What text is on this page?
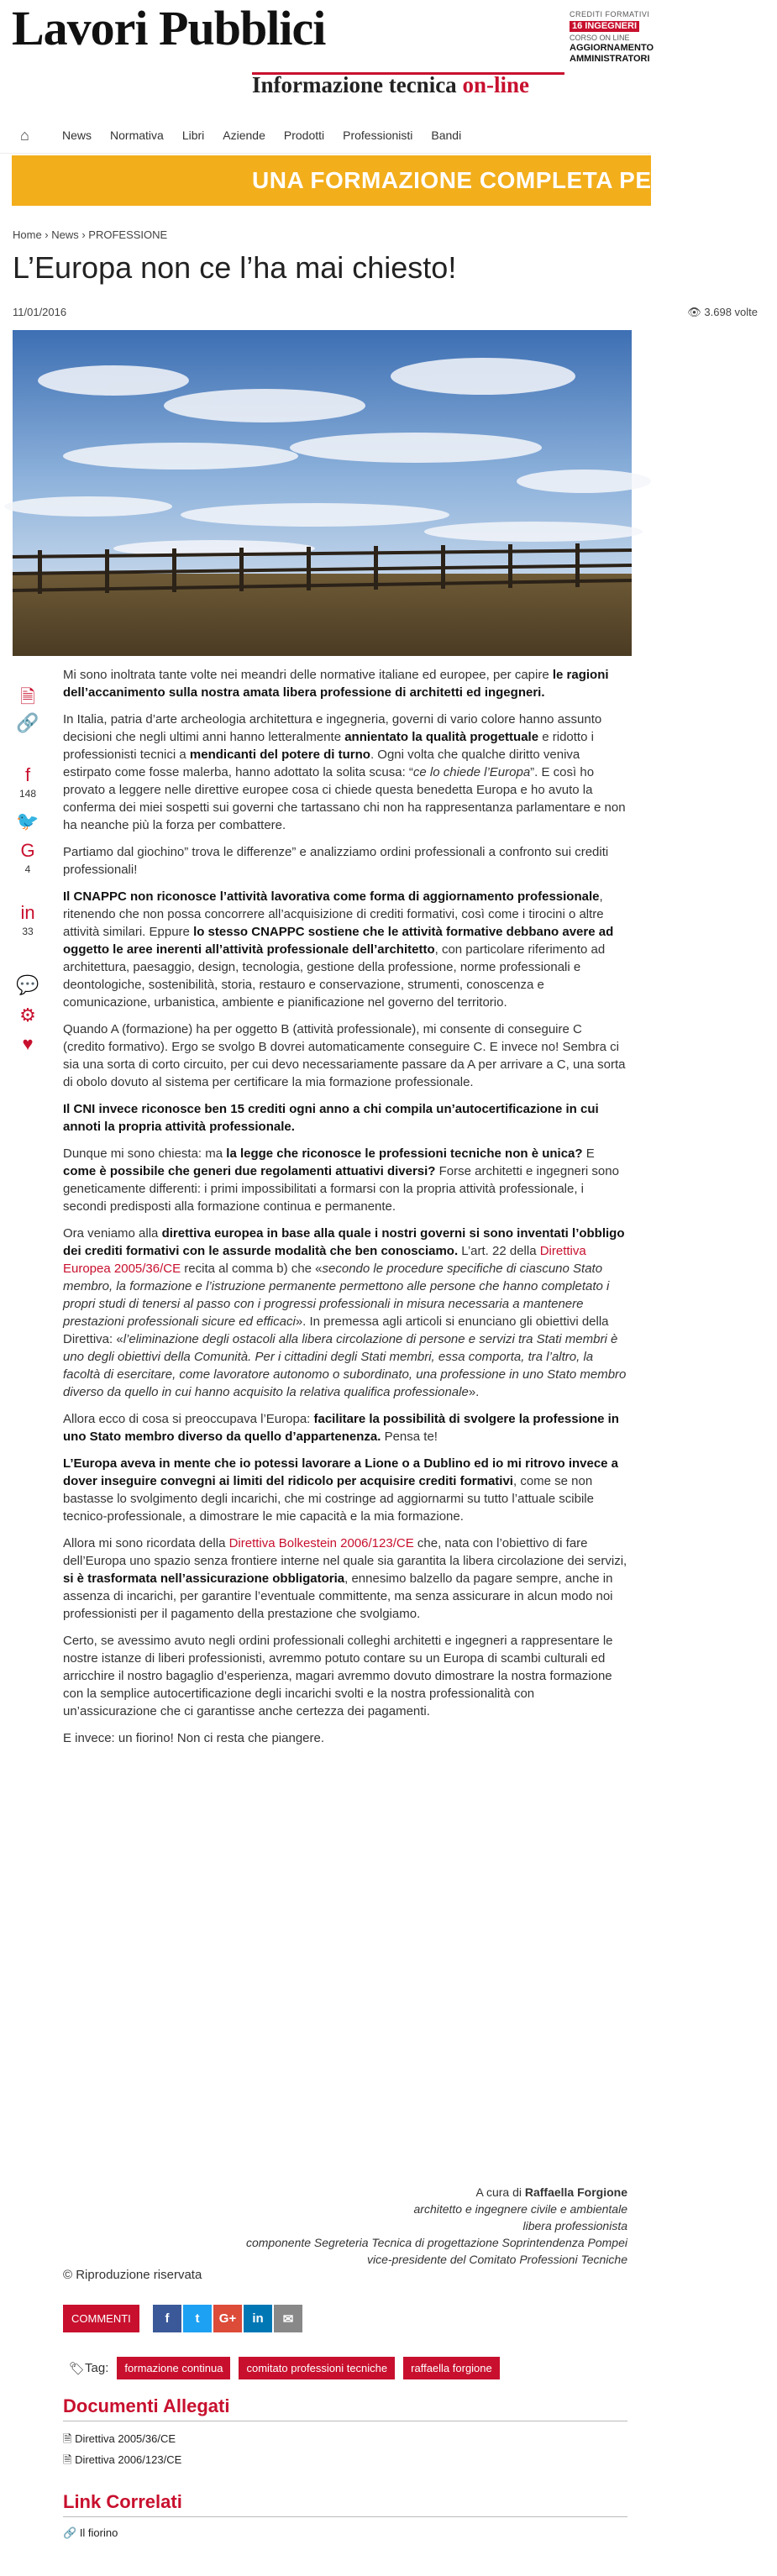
Lavori Pubblici
Informazione tecnica on-line
CREDITI FORMATIVI
16 INGEGNERI
CORSO ON LINE
AGGIORNAMENTO
AMMINISTRATORI
⌂	News Normativa Libri Aziende Prodotti Professionisti Bandi
UNA FORMAZIONE COMPLETA PER IL TUO L
Home › News › PROFESSIONE
L’Europa non ce l’ha mai chiesto!
11/01/2016	👁 3.698 volte
🗎
🔗
f
148
🐦
G
4
in
33
💬
⚙
♥

Mi sono inoltrata tante volte nei meandri delle normative italiane ed europee, per capire le ragioni dell’accanimento sulla nostra amata libera professione di architetti ed ingegneri.

In Italia, patria d’arte archeologia architettura e ingegneria, governi di vario colore hanno assunto decisioni che negli ultimi anni hanno letteralmente annientato la qualità progettuale e ridotto i professionisti tecnici a mendicanti del potere di turno. Ogni volta che qualche diritto veniva estirpato come fosse malerba, hanno adottato la solita scusa: “ce lo chiede l’Europa”. E così ho provato a leggere nelle direttive europee cosa ci chiede questa benedetta Europa e ho avuto la conferma dei miei sospetti sui governi che tartassano chi non ha rappresentanza parlamentare e non ha neanche più la forza per combattere.

Partiamo dal giochino” trova le differenze” e analizziamo ordini professionali a confronto sui crediti professionali!

Il CNAPPC non riconosce l’attività lavorativa come forma di aggiornamento professionale, ritenendo che non possa concorrere all’acquisizione di crediti formativi, così come i tirocini o altre attività similari. Eppure lo stesso CNAPPC sostiene che le attività formative debbano avere ad oggetto le aree inerenti all’attività professionale dell’architetto, con particolare riferimento ad architettura, paesaggio, design, tecnologia, gestione della professione, norme professionali e deontologiche, sostenibilità, storia, restauro e conservazione, strumenti, conoscenza e comunicazione, urbanistica, ambiente e pianificazione nel governo del territorio.

Quando A (formazione) ha per oggetto B (attività professionale), mi consente di conseguire C (credito formativo). Ergo se svolgo B dovrei automaticamente conseguire C. E invece no! Sembra ci sia una sorta di corto circuito, per cui devo necessariamente passare da A per arrivare a C, una sorta di obolo dovuto al sistema per certificare la mia formazione professionale.

Il CNI invece riconosce ben 15 crediti ogni anno a chi compila un’autocertificazione in cui annoti la propria attività professionale.

Dunque mi sono chiesta: ma la legge che riconosce le professioni tecniche non è unica? E come è possibile che generi due regolamenti attuativi diversi? Forse architetti e ingegneri sono geneticamente differenti: i primi impossibilitati a formarsi con la propria attività professionale, i secondi predisposti alla formazione continua e permanente.

Ora veniamo alla direttiva europea in base alla quale i nostri governi si sono inventati l’obbligo dei crediti formativi con le assurde modalità che ben conosciamo. L’art. 22 della Direttiva Europea 2005/36/CE recita al comma b) che «secondo le procedure specifiche di ciascuno Stato membro, la formazione e l’istruzione permanente permettono alle persone che hanno completato i propri studi di tenersi al passo con i progressi professionali in misura necessaria a mantenere prestazioni professionali sicure ed efficaci». In premessa agli articoli si enunciano gli obiettivi della Direttiva: «l’eliminazione degli ostacoli alla libera circolazione di persone e servizi tra Stati membri è uno degli obiettivi della Comunità. Per i cittadini degli Stati membri, essa comporta, tra l’altro, la facoltà di esercitare, come lavoratore autonomo o subordinato, una professione in uno Stato membro diverso da quello in cui hanno acquisito la relativa qualifica professionale».

Allora ecco di cosa si preoccupava l’Europa: facilitare la possibilità di svolgere la professione in uno Stato membro diverso da quello d’appartenenza. Pensa te!

L’Europa aveva in mente che io potessi lavorare a Lione o a Dublino ed io mi ritrovo invece a dover inseguire convegni ai limiti del ridicolo per acquisire crediti formativi, come se non bastasse lo svolgimento degli incarichi, che mi costringe ad aggiornarmi su tutto l’attuale scibile tecnico-professionale, a dimostrare le mie capacità e la mia formazione.

Allora mi sono ricordata della Direttiva Bolkestein 2006/123/CE che, nata con l’obiettivo di fare dell’Europa uno spazio senza frontiere interne nel quale sia garantita la libera circolazione dei servizi, si è trasformata nell’assicurazione obbligatoria, ennesimo balzello da pagare sempre, anche in assenza di incarichi, per garantire l’eventuale committente, ma senza assicurare in alcun modo noi professionisti per il pagamento della prestazione che svolgiamo.

Certo, se avessimo avuto negli ordini professionali colleghi architetti e ingegneri a rappresentare le nostre istanze di liberi professionisti, avremmo potuto contare su un Europa di scambi culturali ed arricchire il nostro bagaglio d’esperienza, magari avremmo dovuto dimostrare la nostra formazione con la semplice autocertificazione degli incarichi svolti e la nostra professionalità con un’assicurazione che ci garantisse anche certezza dei pagamenti.

E invece: un fiorino! Non ci resta che piangere.

A cura di Raffaella Forgione
architetto e ingegnere civile e ambientale
libera professionista
componente Segreteria Tecnica di progettazione Soprintendenza Pompei
vice-presidente del Comitato Professioni Tecniche
© Riproduzione riservata
COMMENTI	f	t	G+	in	✉
🏷 Tag:	formazione continua	comitato professioni tecniche	raffaella forgione
Documenti Allegati
🗎 Direttiva 2005/36/CE
🗎 Direttiva 2006/123/CE
Link Correlati
🔗 Il fiorino
